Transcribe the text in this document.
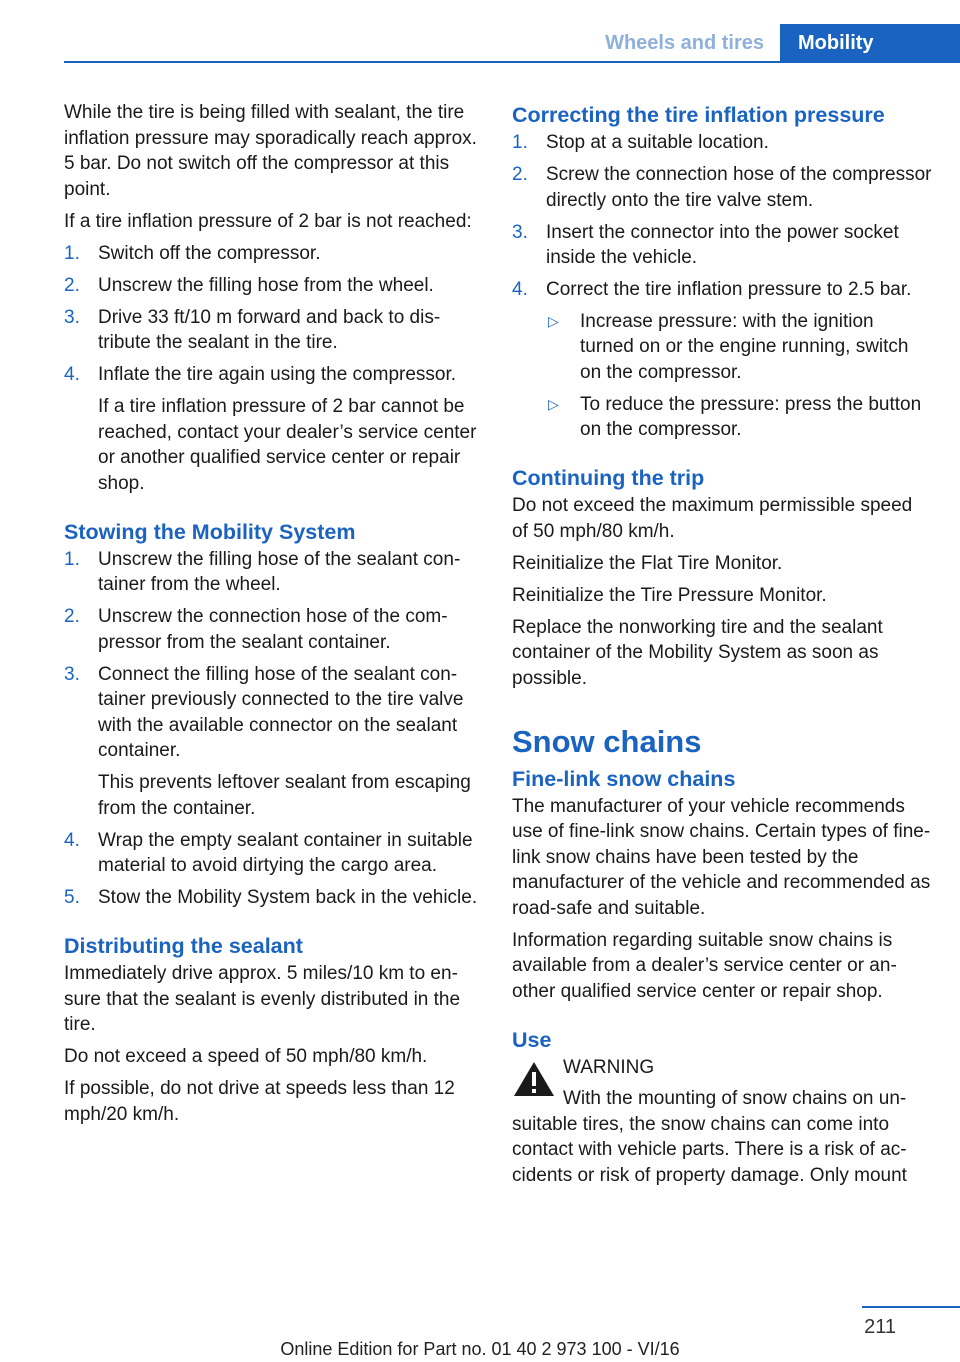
Wheels and tires	Mobility

While the tire is being filled with sealant, the tire inflation pressure may sporadically reach approx. 5 bar. Do not switch off the compressor at this point.

If a tire inflation pressure of 2 bar is not reached:

1. Switch off the compressor.
2. Unscrew the filling hose from the wheel.
3. Drive 33 ft/10 m forward and back to distribute the sealant in the tire.
4. Inflate the tire again using the compressor.
If a tire inflation pressure of 2 bar cannot be reached, contact your dealer’s service center or another qualified service center or repair shop.
Stowing the Mobility System
1. Unscrew the filling hose of the sealant container from the wheel.
2. Unscrew the connection hose of the compressor from the sealant container.
3. Connect the filling hose of the sealant container previously connected to the tire valve with the available connector on the sealant container.
This prevents leftover sealant from escaping from the container.
4. Wrap the empty sealant container in suitable material to avoid dirtying the cargo area.
5. Stow the Mobility System back in the vehicle.
Distributing the sealant

Immediately drive approx. 5 miles/10 km to ensure that the sealant is evenly distributed in the tire.

Do not exceed a speed of 50 mph/80 km/h.

If possible, do not drive at speeds less than 12 mph/20 km/h.

Correcting the tire inflation pressure
1. Stop at a suitable location.
2. Screw the connection hose of the compressor directly onto the tire valve stem.
3. Insert the connector into the power socket inside the vehicle.
4. Correct the tire inflation pressure to 2.5 bar.
▷ Increase pressure: with the ignition turned on or the engine running, switch on the compressor.
▷ To reduce the pressure: press the button on the compressor.
Continuing the trip

Do not exceed the maximum permissible speed of 50 mph/80 km/h.

Reinitialize the Flat Tire Monitor.

Reinitialize the Tire Pressure Monitor.

Replace the nonworking tire and the sealant container of the Mobility System as soon as possible.

Snow chains
Fine-link snow chains

The manufacturer of your vehicle recommends use of fine-link snow chains. Certain types of fine-link snow chains have been tested by the manufacturer of the vehicle and recommended as road-safe and suitable.

Information regarding suitable snow chains is available from a dealer’s service center or another qualified service center or repair shop.

Use
WARNING
With the mounting of snow chains on unsuitable tires, the snow chains can come into contact with vehicle parts. There is a risk of accidents or risk of property damage. Only mount
211
Online Edition for Part no. 01 40 2 973 100 - VI/16
